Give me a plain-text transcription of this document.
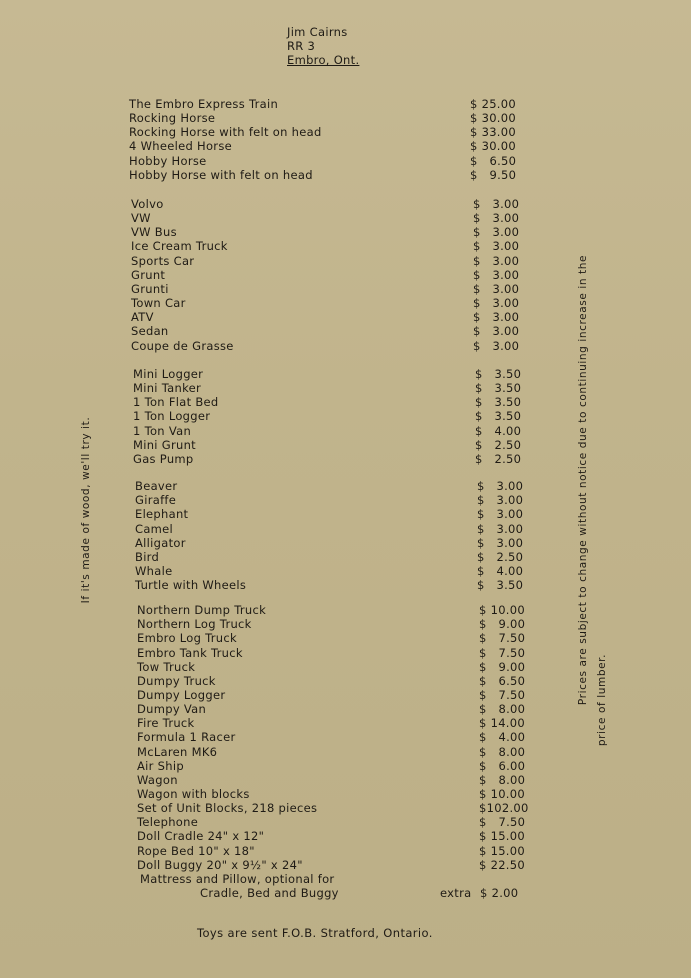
Jim Cairns
RR 3
Embro, Ont.
The Embro Express Train	$ 25.00
Rocking Horse	$ 30.00
Rocking Horse with felt on head	$ 33.00
4 Wheeled Horse	$ 30.00
Hobby Horse	$   6.50
Hobby Horse with felt on head	$   9.50
Volvo	$   3.00
VW	$   3.00
VW Bus	$   3.00
Ice Cream Truck	$   3.00
Sports Car	$   3.00
Grunt	$   3.00
Grunti	$   3.00
Town Car	$   3.00
ATV	$   3.00
Sedan	$   3.00
Coupe de Grasse	$   3.00
Mini Logger	$   3.50
Mini Tanker	$   3.50
1 Ton Flat Bed	$   3.50
1 Ton Logger	$   3.50
1 Ton Van	$   4.00
Mini Grunt	$   2.50
Gas Pump	$   2.50
Beaver	$   3.00
Giraffe	$   3.00
Elephant	$   3.00
Camel	$   3.00
Alligator	$   3.00
Bird	$   2.50
Whale	$   4.00
Turtle with Wheels	$   3.50
Northern Dump Truck	$ 10.00
Northern Log Truck	$   9.00
Embro Log Truck	$   7.50
Embro Tank Truck	$   7.50
Tow Truck	$   9.00
Dumpy Truck	$   6.50
Dumpy Logger	$   7.50
Dumpy Van	$   8.00
Fire Truck	$ 14.00
Formula 1 Racer	$   4.00
McLaren MK6	$   8.00
Air Ship	$   6.00
Wagon	$   8.00
Wagon with blocks	$ 10.00
Set of Unit Blocks, 218 pieces	$102.00
Telephone	$   7.50
Doll Cradle 24" x 12"	$ 15.00
Rope Bed 10" x 18"	$ 15.00
Doll Buggy 20" x 9½" x 24"	$ 22.50
Mattress and Pillow, optional for
Cradle, Bed and Buggy	extra $ 2.00
Toys are sent F.O.B. Stratford, Ontario.
If it's made of wood, we'll try it.	Prices are subject to change without notice due to continuing increase in the price of lumber.
